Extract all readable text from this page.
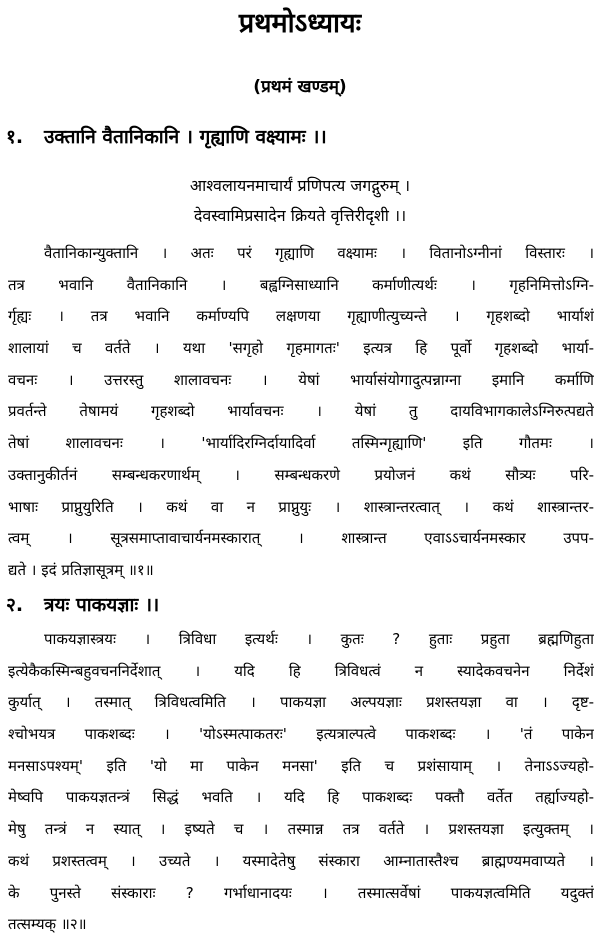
प्रथमोऽध्यायः
(प्रथमं खण्डम्)
१. उक्तानि वैतानिकानि । गृह्याणि वक्ष्यामः ।।
आश्वलायनमाचार्यं प्रणिपत्य जगद्गुरुम् ।
देवस्वामिप्रसादेन क्रियते वृत्तिरीदृशी ।।
वैतानिकान्युक्तानि । अतः परं गृह्याणि वक्ष्यामः । वितानोऽग्नीनां विस्तारः ।
तत्र भवानि वैतानिकानि । बह्वग्निसाध्यानि कर्माणीत्यर्थः । गृहनिमित्तोऽग्नि-
र्गृह्यः । तत्र भवानि कर्माण्यपि लक्षणया गृह्याणीत्युच्यन्ते । गृहशब्दो भार्याशं
शालायां च वर्तते । यथा 'सगृहो गृहमागतः' इत्यत्र हि पूर्वो गृहशब्दो भार्या-
वचनः । उत्तरस्तु शालावचनः । येषां भार्यासंयोगादुत्पन्नाग्ना इमानि कर्माणि
प्रवर्तन्ते तेषामयं गृहशब्दो भार्यावचनः । येषां तु दायविभागकालेऽग्निरुत्पद्यते
तेषां शालावचनः । 'भार्यादिरग्निर्दायादिर्वा तस्मिन्गृह्याणि' इति गौतमः ।
उक्तानुकीर्तनं सम्बन्धकरणार्थम् । सम्बन्धकरणे प्रयोजनं कथं सौत्र्यः परि-
भाषाः प्राप्नुयुरिति । कथं वा न प्राप्नुयुः । शास्त्रान्तरत्वात् । कथं शास्त्रान्तर-
त्वम् । सूत्रसमाप्तावाचार्यनमस्कारात् । शास्त्रान्त एवाऽऽचार्यनमस्कार उपप-
द्यते । इदं प्रतिज्ञासूत्रम् ॥१॥
२. त्रयः पाकयज्ञाः ।।
पाकयज्ञास्त्रयः । त्रिविधा इत्यर्थः । कुतः ? हुताः प्रहुता ब्रह्मणिहुता
इत्येकैकस्मिन्बहुवचननिर्देशात् । यदि हि त्रिविधत्वं न स्यादेकवचनेन निर्देशं
कुर्यात् । तस्मात् त्रिविधत्वमिति । पाकयज्ञा अल्पयज्ञाः प्रशस्तयज्ञा वा । दृष्ट-
श्चोभयत्र पाकशब्दः । 'योऽस्मत्पाकतरः' इत्यत्राल्पत्वे पाकशब्दः । 'तं पाकेन
मनसाऽपश्यम्' इति 'यो मा पाकेन मनसा' इति च प्रशंसायाम् । तेनाऽऽज्यहो-
मेष्वपि पाकयज्ञतन्त्रं सिद्धं भवति । यदि हि पाकशब्दः पक्तौ वर्तेत तर्ह्याज्यहो-
मेषु तन्त्रं न स्यात् । इष्यते च । तस्मान्न तत्र वर्तते । प्रशस्तयज्ञा इत्युक्तम् ।
कथं प्रशस्तत्वम् । उच्यते । यस्मादेतेषु संस्कारा आम्नातास्तैश्च ब्राह्मण्यमवाप्यते ।
के पुनस्ते संस्काराः ? गर्भाधानादयः । तस्मात्सर्वेषां पाकयज्ञत्वमिति यदुक्तं
तत्सम्यक् ॥२॥
